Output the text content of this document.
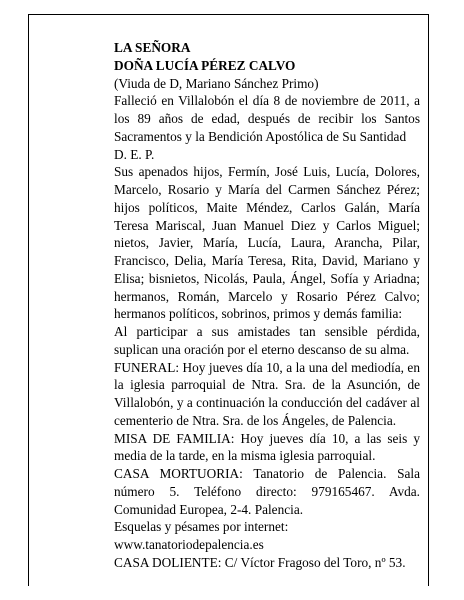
LA SEÑORA

DOÑA LUCÍA PÉREZ CALVO

(Viuda de D, Mariano Sánchez Primo)

Falleció en Villalobón el día 8 de noviembre de 2011, a los 89 años de edad, después de recibir los Santos Sacramentos y la Bendición Apostólica de Su Santidad

D. E. P.

Sus apenados hijos, Fermín, José Luis, Lucía, Dolores, Marcelo, Rosario y María del Carmen Sánchez Pérez; hijos políticos, Maite Méndez, Carlos Galán, María Teresa Mariscal, Juan Manuel Diez y Carlos Miguel; nietos, Javier, María, Lucía, Laura, Arancha, Pilar, Francisco, Delia, María Teresa, Rita, David, Mariano y Elisa; bisnietos, Nicolás, Paula, Ángel, Sofía y Ariadna; hermanos, Román, Marcelo y Rosario Pérez Calvo; hermanos políticos, sobrinos, primos y demás familia:

Al participar a sus amistades tan sensible pérdida, suplican una oración por el eterno descanso de su alma.

FUNERAL: Hoy jueves día 10, a la una del mediodía, en la iglesia parroquial de Ntra. Sra. de la Asunción, de Villalobón, y a continuación la conducción del cadáver al cementerio de Ntra. Sra. de los Ángeles, de Palencia.

MISA DE FAMILIA: Hoy jueves día 10, a las seis y media de la tarde, en la misma iglesia parroquial.

CASA MORTUORIA: Tanatorio de Palencia. Sala número 5. Teléfono directo: 979165467. Avda. Comunidad Europea, 2-4. Palencia.

Esquelas y pésames por internet:

www.tanatoriodepalencia.es

CASA DOLIENTE: C/ Víctor Fragoso del Toro, nº 53.
